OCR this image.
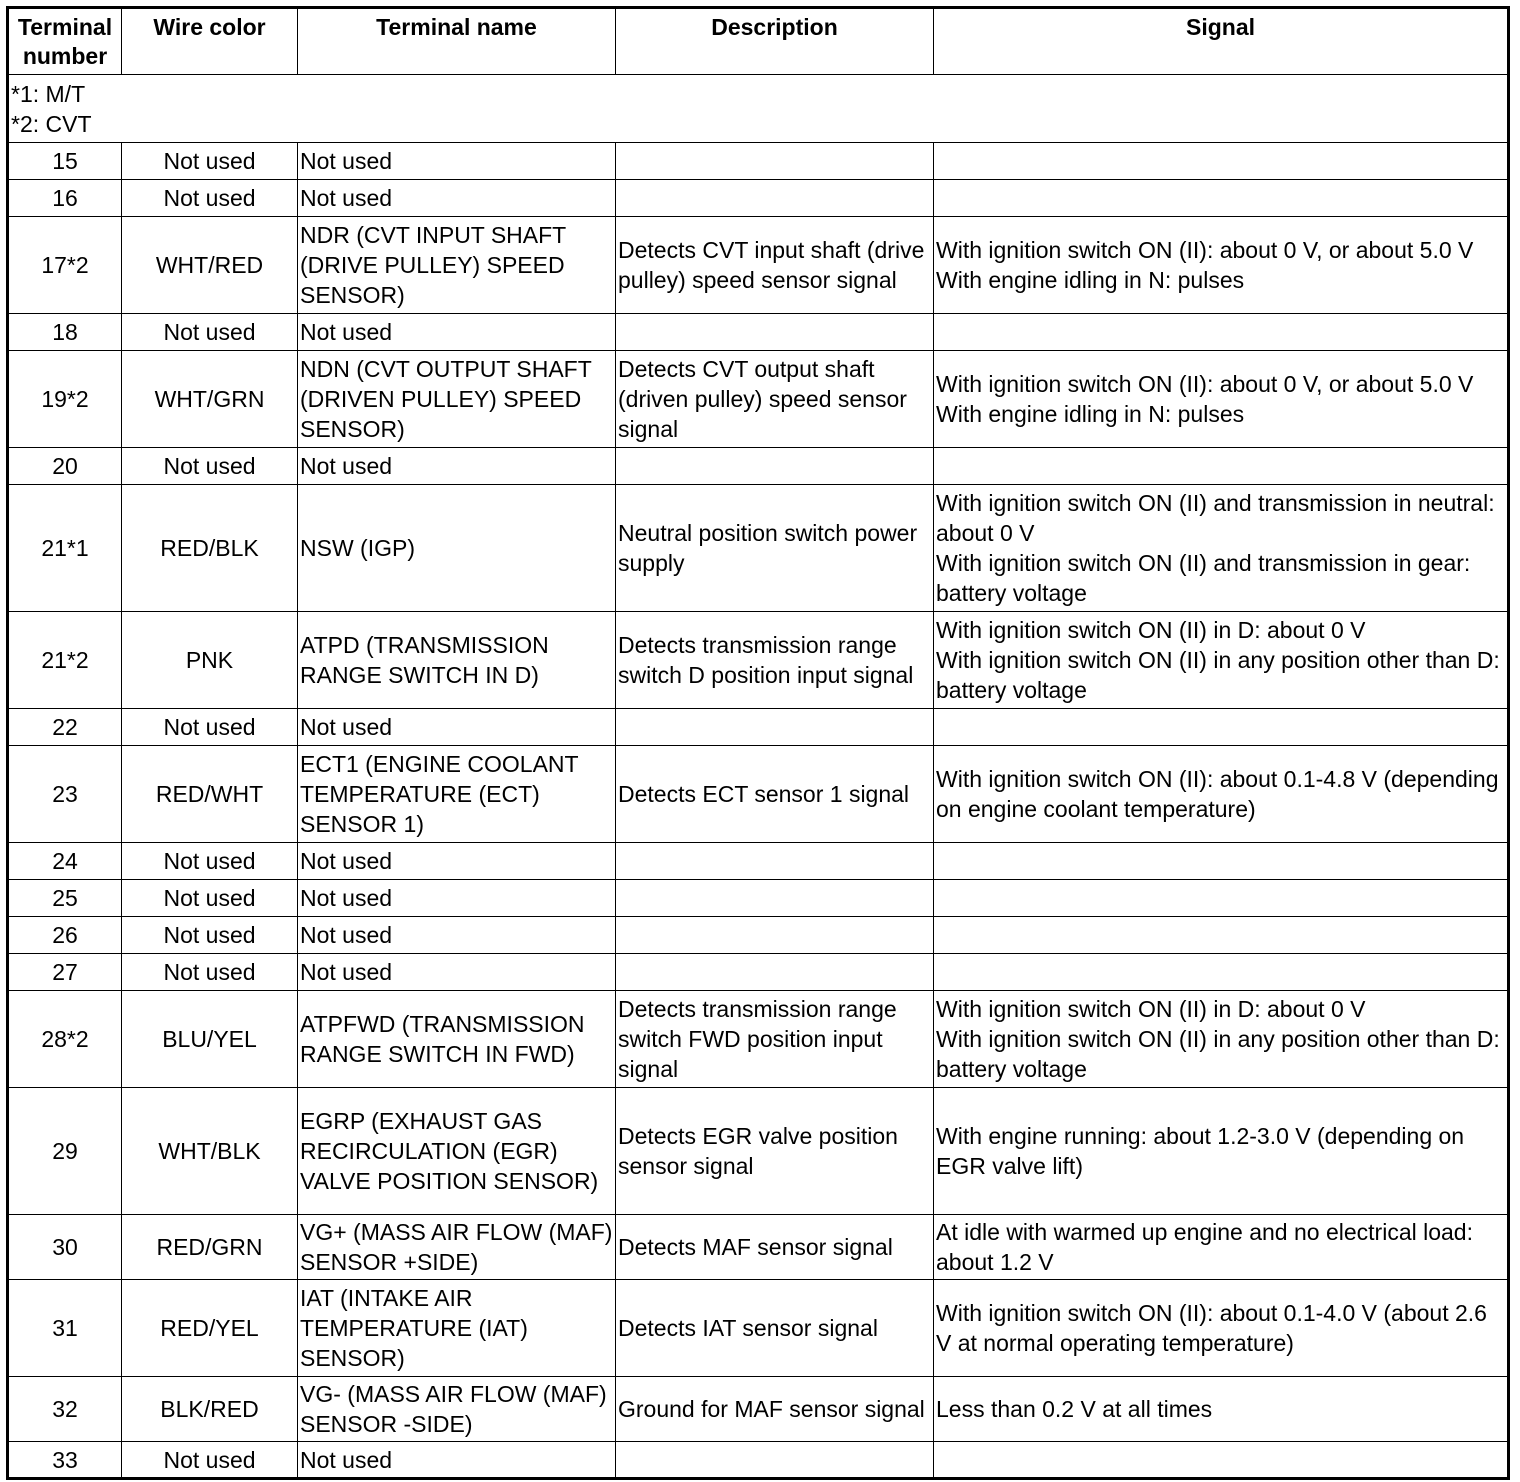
Terminal
number	Wire color	Terminal name	Description	Signal

*1: M/T
*2: CVT				

15	Not used	Not used		
16	Not used	Not used		
17*2	WHT/RED	NDR (CVT INPUT SHAFT (DRIVE PULLEY) SPEED SENSOR)	Detects CVT input shaft (drive pulley) speed sensor signal	With ignition switch ON (II): about 0 V, or about 5.0 V
With engine idling in N: pulses
18	Not used	Not used		
19*2	WHT/GRN	NDN (CVT OUTPUT SHAFT (DRIVEN PULLEY) SPEED SENSOR)	Detects CVT output shaft (driven pulley) speed sensor signal	With ignition switch ON (II): about 0 V, or about 5.0 V
With engine idling in N: pulses
20	Not used	Not used		
21*1	RED/BLK	NSW (IGP)	Neutral position switch power supply	With ignition switch ON (II) and transmission in neutral: about 0 V
With ignition switch ON (II) and transmission in gear: battery voltage
21*2	PNK	ATPD (TRANSMISSION RANGE SWITCH IN D)	Detects transmission range switch D position input signal	With ignition switch ON (II) in D: about 0 V
With ignition switch ON (II) in any position other than D: battery voltage
22	Not used	Not used		
23	RED/WHT	ECT1 (ENGINE COOLANT TEMPERATURE (ECT) SENSOR 1)	Detects ECT sensor 1 signal	With ignition switch ON (II): about 0.1-4.8 V (depending on engine coolant temperature)
24	Not used	Not used		
25	Not used	Not used		
26	Not used	Not used		
27	Not used	Not used		
28*2	BLU/YEL	ATPFWD (TRANSMISSION RANGE SWITCH IN FWD)	Detects transmission range switch FWD position input signal	With ignition switch ON (II) in D: about 0 V
With ignition switch ON (II) in any position other than D: battery voltage
29	WHT/BLK	EGRP (EXHAUST GAS RECIRCULATION (EGR) VALVE POSITION SENSOR)	Detects EGR valve position sensor signal	With engine running: about 1.2-3.0 V (depending on EGR valve lift)
30	RED/GRN	VG+ (MASS AIR FLOW (MAF) SENSOR +SIDE)	Detects MAF sensor signal	At idle with warmed up engine and no electrical load: about 1.2 V
31	RED/YEL	IAT (INTAKE AIR TEMPERATURE (IAT) SENSOR)	Detects IAT sensor signal	With ignition switch ON (II): about 0.1-4.0 V (about 2.6 V at normal operating temperature)
32	BLK/RED	VG- (MASS AIR FLOW (MAF) SENSOR -SIDE)	Ground for MAF sensor signal	Less than 0.2 V at all times
33	Not used	Not used		
